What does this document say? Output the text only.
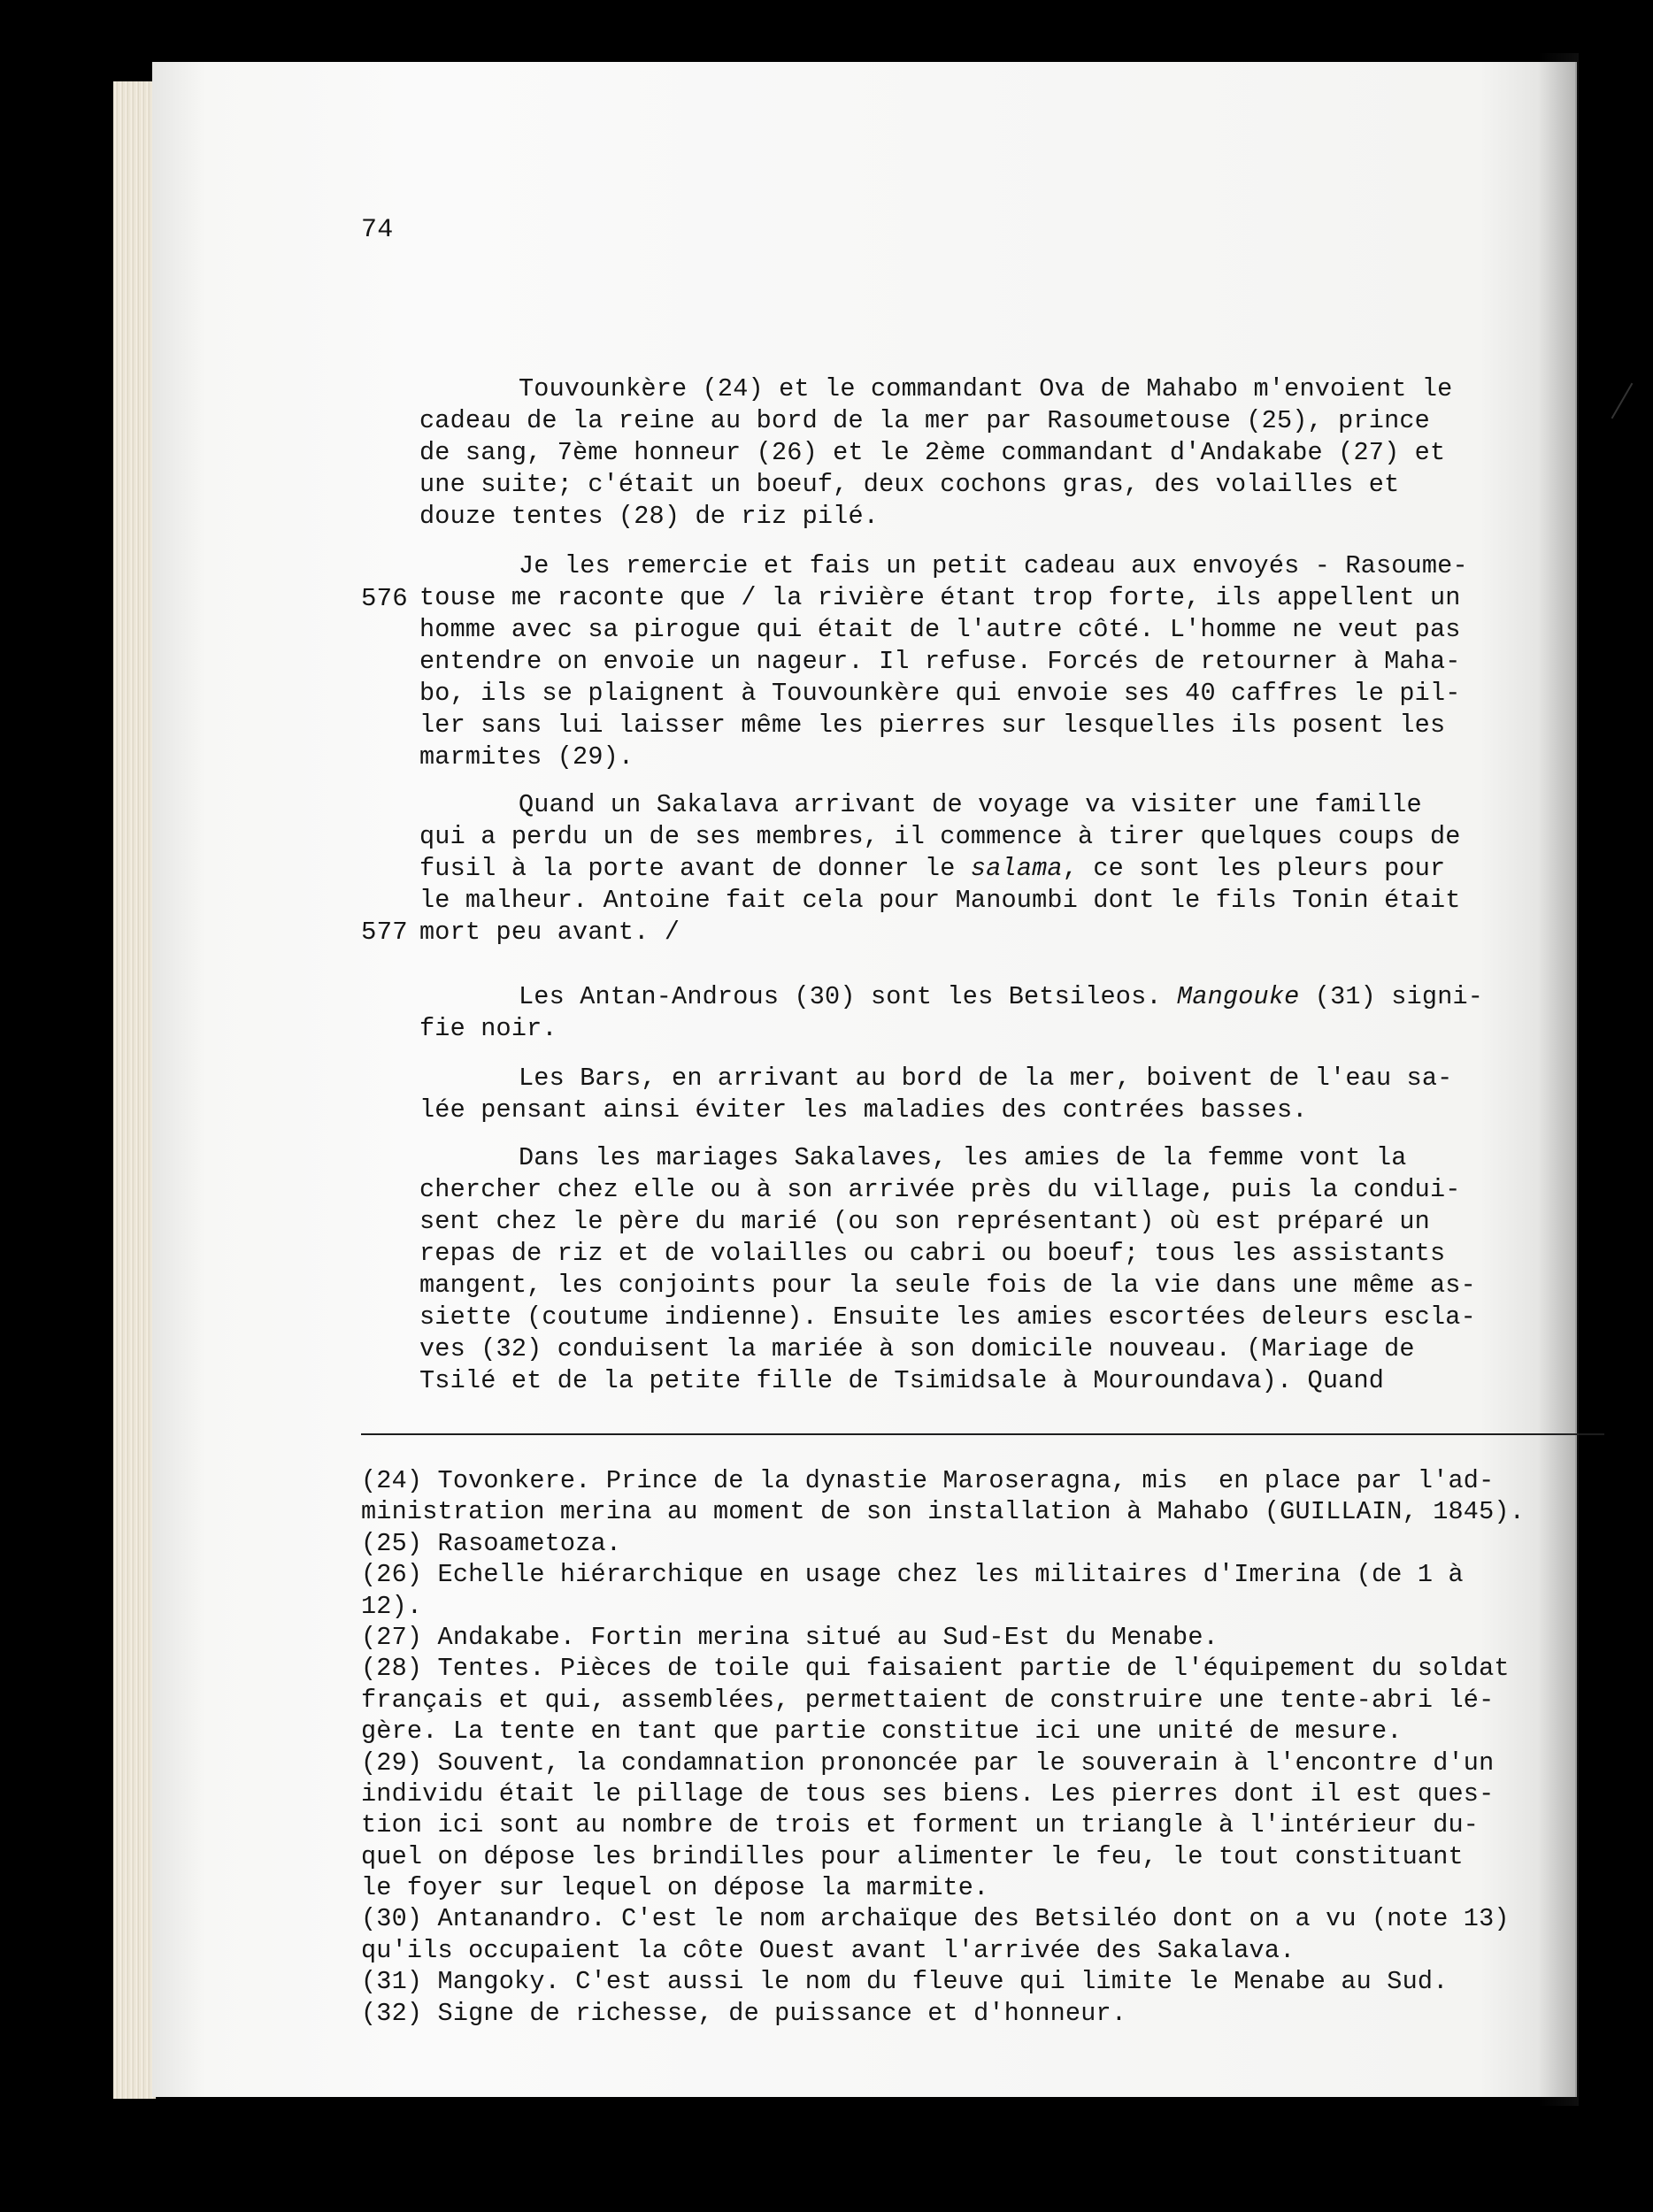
74
Touvounkère (24) et le commandant Ova de Mahabo m'envoient le
cadeau de la reine au bord de la mer par Rasoumetouse (25), prince
de sang, 7ème honneur (26) et le 2ème commandant d'Andakabe (27) et
une suite; c'était un boeuf, deux cochons gras, des volailles et
douze tentes (28) de riz pilé.
Je les remercie et fais un petit cadeau aux envoyés - Rasoume-
touse me raconte que / la rivière étant trop forte, ils appellent un
homme avec sa pirogue qui était de l'autre côté. L'homme ne veut pas
entendre on envoie un nageur. Il refuse. Forcés de retourner à Maha-
bo, ils se plaignent à Touvounkère qui envoie ses 40 caffres le pil-
ler sans lui laisser même les pierres sur lesquelles ils posent les
marmites (29).
576
Quand un Sakalava arrivant de voyage va visiter une famille
qui a perdu un de ses membres, il commence à tirer quelques coups de
fusil à la porte avant de donner le salama, ce sont les pleurs pour
le malheur. Antoine fait cela pour Manoumbi dont le fils Tonin était
mort peu avant. /
577
Les Antan-Androus (30) sont les Betsileos. Mangouke (31) signi-
fie noir.
Les Bars, en arrivant au bord de la mer, boivent de l'eau sa-
lée pensant ainsi éviter les maladies des contrées basses.
Dans les mariages Sakalaves, les amies de la femme vont la
chercher chez elle ou à son arrivée près du village, puis la condui-
sent chez le père du marié (ou son représentant) où est préparé un
repas de riz et de volailles ou cabri ou boeuf; tous les assistants
mangent, les conjoints pour la seule fois de la vie dans une même as-
siette (coutume indienne). Ensuite les amies escortées deleurs escla-
ves (32) conduisent la mariée à son domicile nouveau. (Mariage de
Tsilé et de la petite fille de Tsimidsale à Mouroundava). Quand
(24) Tovonkere. Prince de la dynastie Maroseragna, mis  en place par l'ad-
ministration merina au moment de son installation à Mahabo (GUILLAIN, 1845).
(25) Rasoametoza.
(26) Echelle hiérarchique en usage chez les militaires d'Imerina (de 1 à
12).
(27) Andakabe. Fortin merina situé au Sud-Est du Menabe.
(28) Tentes. Pièces de toile qui faisaient partie de l'équipement du soldat
français et qui, assemblées, permettaient de construire une tente-abri lé-
gère. La tente en tant que partie constitue ici une unité de mesure.
(29) Souvent, la condamnation prononcée par le souverain à l'encontre d'un
individu était le pillage de tous ses biens. Les pierres dont il est ques-
tion ici sont au nombre de trois et forment un triangle à l'intérieur du-
quel on dépose les brindilles pour alimenter le feu, le tout constituant
le foyer sur lequel on dépose la marmite.
(30) Antanandro. C'est le nom archaïque des Betsiléo dont on a vu (note 13)
qu'ils occupaient la côte Ouest avant l'arrivée des Sakalava.
(31) Mangoky. C'est aussi le nom du fleuve qui limite le Menabe au Sud.
(32) Signe de richesse, de puissance et d'honneur.
